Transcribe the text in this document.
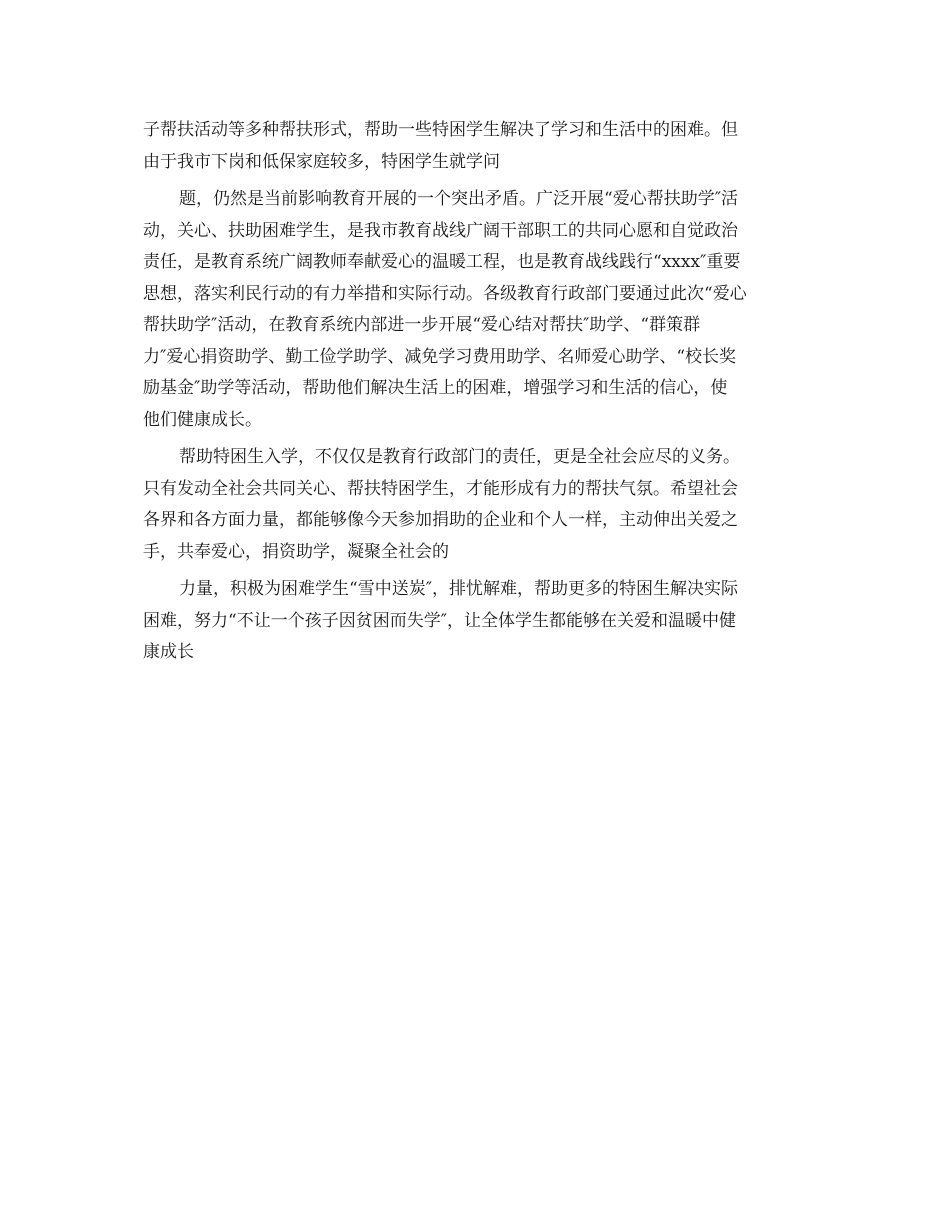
子帮扶活动等多种帮扶形式，帮助一些特困学生解决了学习和生活中的困难。但
由于我市下岗和低保家庭较多，特困学生就学问
题，仍然是当前影响教育开展的一个突出矛盾。广泛开展“爱心帮扶助学″活
动，关心、扶助困难学生，是我市教育战线广阔干部职工的共同心愿和自觉政治
责任，是教育系统广阔教师奉献爱心的温暖工程，也是教育战线践行“xxxx″重要
思想，落实利民行动的有力举措和实际行动。各级教育行政部门要通过此次“爱心
帮扶助学″活动，在教育系统内部进一步开展“爱心结对帮扶″助学、“群策群
力″爱心捐资助学、勤工俭学助学、减免学习费用助学、名师爱心助学、“校长奖
励基金″助学等活动，帮助他们解决生活上的困难，增强学习和生活的信心，使
他们健康成长。
帮助特困生入学，不仅仅是教育行政部门的责任，更是全社会应尽的义务。
只有发动全社会共同关心、帮扶特困学生，才能形成有力的帮扶气氛。希望社会
各界和各方面力量，都能够像今天参加捐助的企业和个人一样，主动伸出关爱之
手，共奉爱心，捐资助学，凝聚全社会的
力量，积极为困难学生“雪中送炭″，排忧解难，帮助更多的特困生解决实际
困难，努力“不让一个孩子因贫困而失学″，让全体学生都能够在关爱和温暖中健
康成长
